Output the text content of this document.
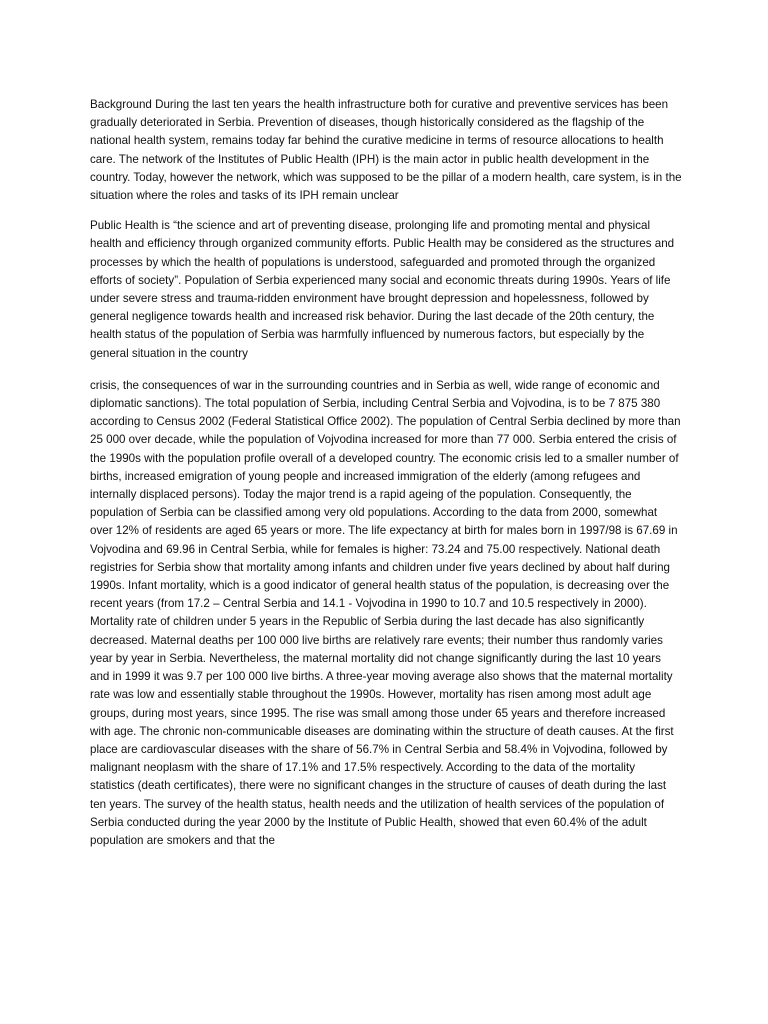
Background During the last ten years the health infrastructure both for curative and preventive services has been gradually deteriorated in Serbia. Prevention of diseases, though historically considered as the flagship of the national health system, remains today far behind the curative medicine in terms of resource allocations to health care. The network of the Institutes of Public Health (IPH) is the main actor in public health development in the country. Today, however the network, which was supposed to be the pillar of a modern health, care system, is in the situation where the roles and tasks of its IPH remain unclear

Public Health is “the science and art of preventing disease, prolonging life and promoting mental and physical health and efficiency through organized community efforts. Public Health may be considered as the structures and processes by which the health of populations is understood, safeguarded and promoted through the organized efforts of society”. Population of Serbia experienced many social and economic threats during 1990s. Years of life under severe stress and trauma-ridden environment have brought depression and hopelessness, followed by general negligence towards health and increased risk behavior. During the last decade of the 20th century, the health status of the population of Serbia was harmfully influenced by numerous factors, but especially by the general situation in the country

crisis, the consequences of war in the surrounding countries and in Serbia as well, wide range of economic and diplomatic sanctions). The total population of Serbia, including Central Serbia and Vojvodina, is to be 7 875 380 according to Census 2002 (Federal Statistical Office 2002). The population of Central Serbia declined by more than 25 000 over decade, while the population of Vojvodina increased for more than 77 000. Serbia entered the crisis of the 1990s with the population profile overall of a developed country. The economic crisis led to a smaller number of births, increased emigration of young people and increased immigration of the elderly (among refugees and internally displaced persons). Today the major trend is a rapid ageing of the population. Consequently, the population of Serbia can be classified among very old populations. According to the data from 2000, somewhat over 12% of residents are aged 65 years or more. The life expectancy at birth for males born in 1997/98 is 67.69 in Vojvodina and 69.96 in Central Serbia, while for females is higher: 73.24 and 75.00 respectively. National death registries for Serbia show that mortality among infants and children under five years declined by about half during 1990s. Infant mortality, which is a good indicator of general health status of the population, is decreasing over the recent years (from 17.2 – Central Serbia and 14.1 - Vojvodina in 1990 to 10.7 and 10.5 respectively in 2000). Mortality rate of children under 5 years in the Republic of Serbia during the last decade has also significantly decreased. Maternal deaths per 100 000 live births are relatively rare events; their number thus randomly varies year by year in Serbia. Nevertheless, the maternal mortality did not change significantly during the last 10 years and in 1999 it was 9.7 per 100 000 live births. A three-year moving average also shows that the maternal mortality rate was low and essentially stable throughout the 1990s. However, mortality has risen among most adult age groups, during most years, since 1995. The rise was small among those under 65 years and therefore increased with age. The chronic non-communicable diseases are dominating within the structure of death causes. At the first place are cardiovascular diseases with the share of 56.7% in Central Serbia and 58.4% in Vojvodina, followed by malignant neoplasm with the share of 17.1% and 17.5% respectively. According to the data of the mortality statistics (death certificates), there were no significant changes in the structure of causes of death during the last ten years. The survey of the health status, health needs and the utilization of health services of the population of Serbia conducted during the year 2000 by the Institute of Public Health, showed that even 60.4% of the adult population are smokers and that the
